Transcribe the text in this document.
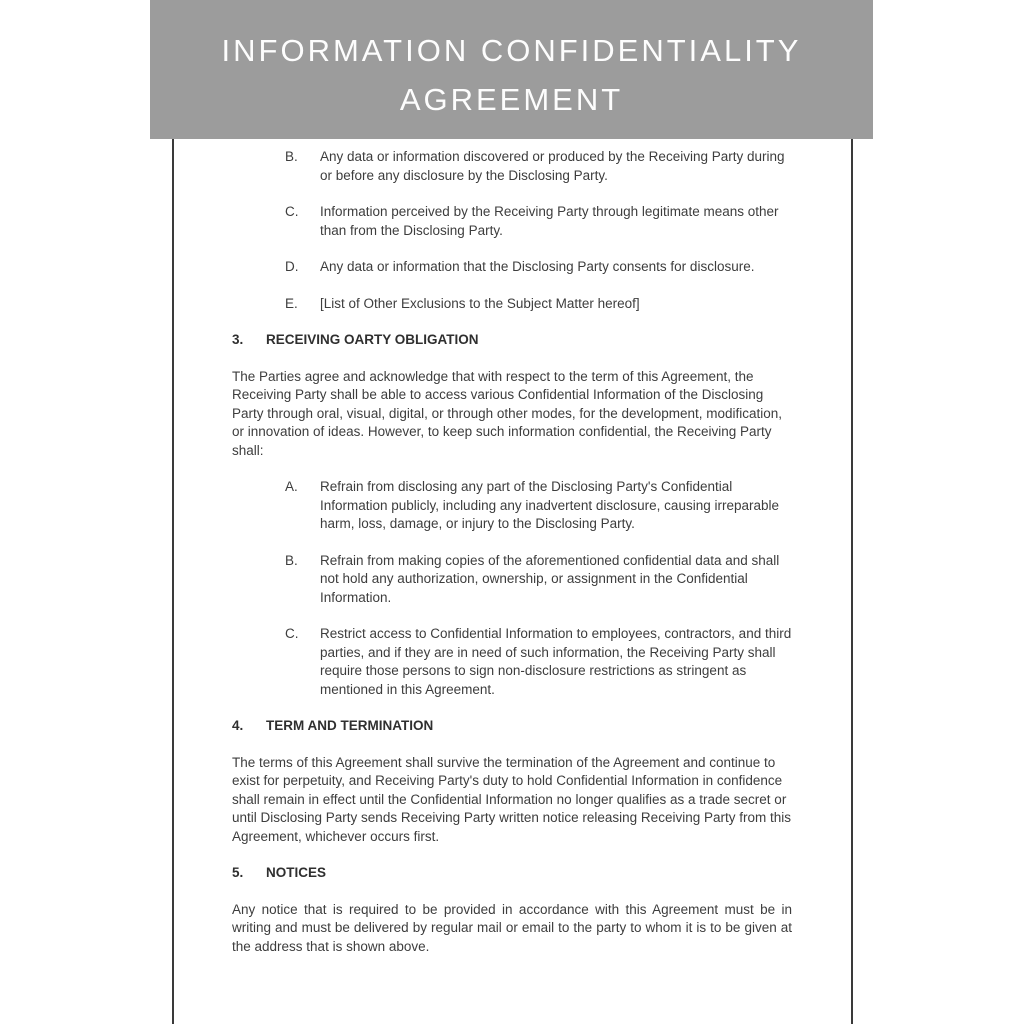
INFORMATION CONFIDENTIALITY
AGREEMENT
B.	Any data or information discovered or produced by the Receiving Party during or before any disclosure by the Disclosing Party.
C.	Information perceived by the Receiving Party through legitimate means other than from the Disclosing Party.
D.	Any data or information that the Disclosing Party consents for disclosure.
E.	[List of Other Exclusions to the Subject Matter hereof]
3.	RECEIVING OARTY OBLIGATION

The Parties agree and acknowledge that with respect to the term of this Agreement, the Receiving Party shall be able to access various Confidential Information of the Disclosing Party through oral, visual, digital, or through other modes, for the development, modification, or innovation of ideas. However, to keep such information confidential, the Receiving Party shall:

A.	Refrain from disclosing any part of the Disclosing Party's Confidential Information publicly, including any inadvertent disclosure, causing irreparable harm, loss, damage, or injury to the Disclosing Party.
B.	Refrain from making copies of the aforementioned confidential data and shall not hold any authorization, ownership, or assignment in the Confidential Information.
C.	Restrict access to Confidential Information to employees, contractors, and third parties, and if they are in need of such information, the Receiving Party shall require those persons to sign non-disclosure restrictions as stringent as mentioned in this Agreement.
4.	TERM AND TERMINATION

The terms of this Agreement shall survive the termination of the Agreement and continue to exist for perpetuity, and Receiving Party's duty to hold Confidential Information in confidence shall remain in effect until the Confidential Information no longer qualifies as a trade secret or until Disclosing Party sends Receiving Party written notice releasing Receiving Party from this Agreement, whichever occurs first.

5.	NOTICES

Any notice that is required to be provided in accordance with this Agreement must be in writing and must be delivered by regular mail or email to the party to whom it is to be given at the address that is shown above.
